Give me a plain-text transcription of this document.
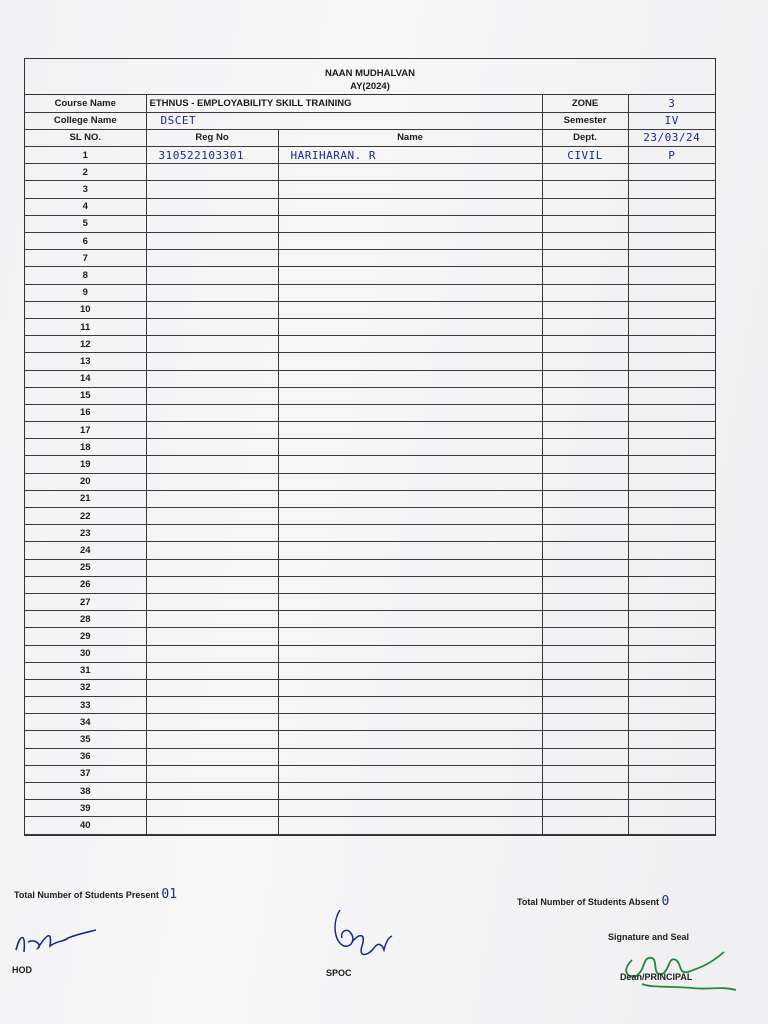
NAAN MUDHALVAN
AY(2024)
Course Name	ETHNUS - EMPLOYABILITY SKILL TRAINING		ZONE	3
College Name	DSCET		Semester	IV
SL NO.	Reg No	Name	Dept.	23/03/24
1	310522103301	HARIHARAN. R	CIVIL	P
2				
3				
4				
5				
6				
7				
8				
9				
10				
11				
12				
13				
14				
15				
16				
17				
18				
19				
20				
21				
22				
23				
24				
25				
26				
27				
28				
29				
30				
31				
32				
33				
34				
35				
36				
37				
38				
39				
40				
Total Number of Students Present 01	Total Number of Students Absent 0
HOD	SPOC
Signature and Seal
Dean/PRINCIPAL
